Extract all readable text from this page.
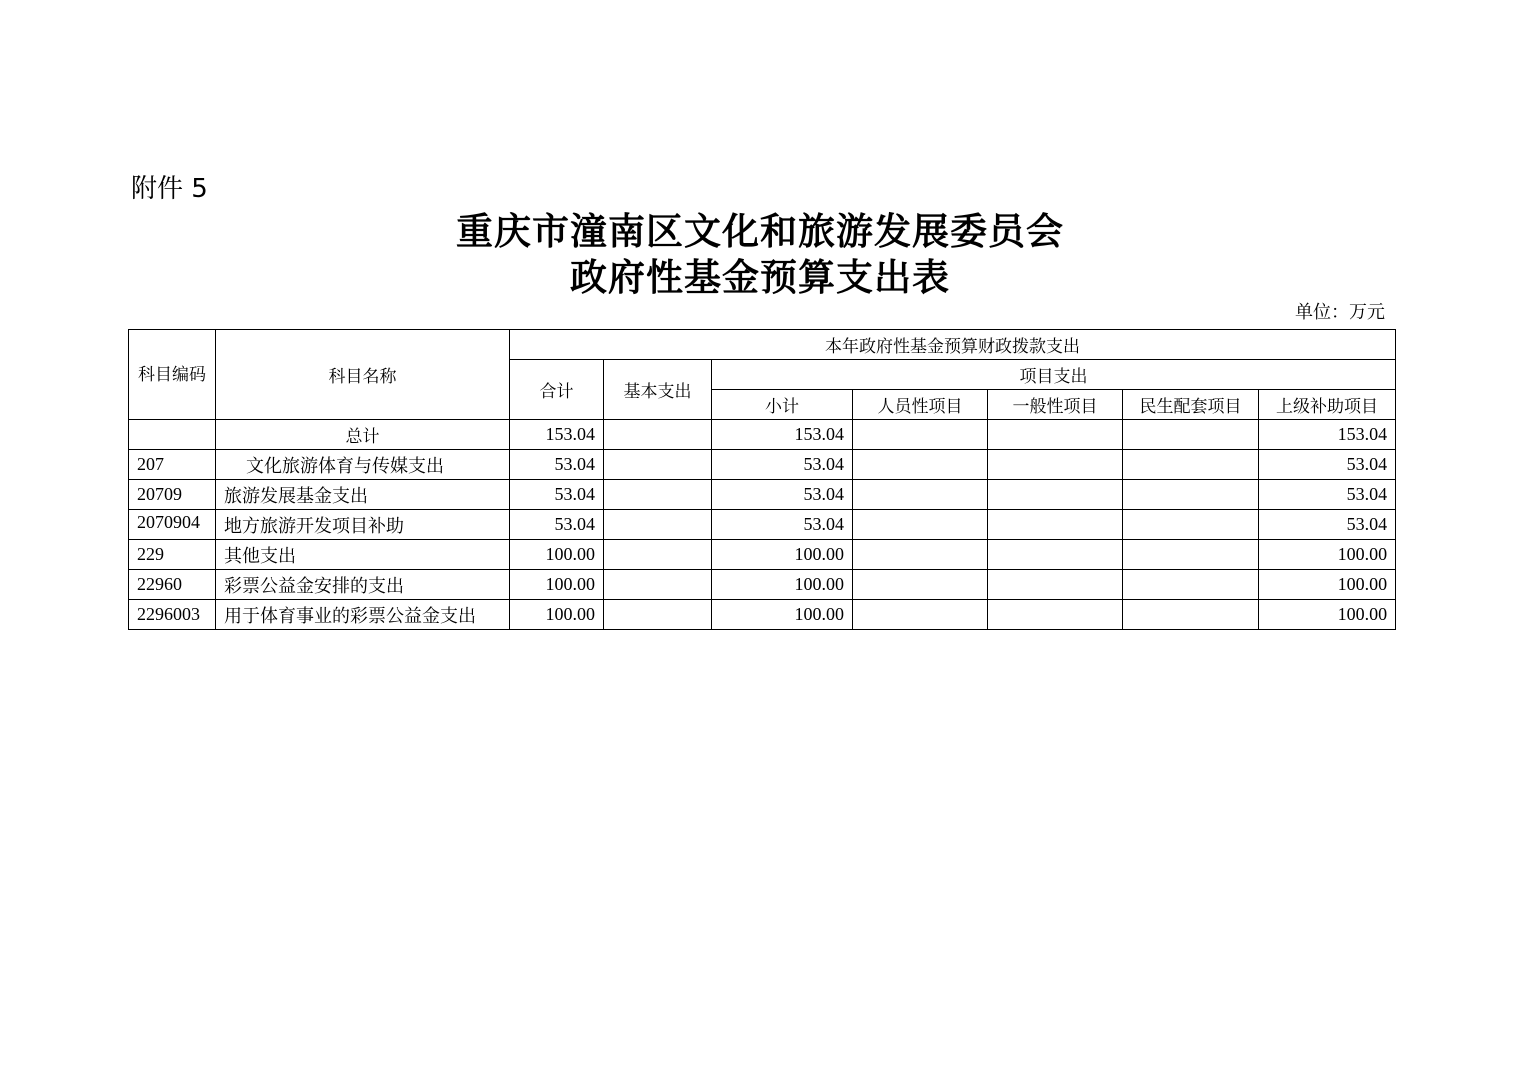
附件 5
重庆市潼南区文化和旅游发展委员会
政府性基金预算支出表
单位：万元
科目编码	科目名称	本年政府性基金预算财政拨款支出						
		合计	基本支出	项目支出				
				小计	人员性项目	一般性项目	民生配套项目	上级补助项目
	总计	153.04		153.04				153.04
207	文化旅游体育与传媒支出	53.04		53.04				53.04
20709	旅游发展基金支出	53.04		53.04				53.04
2070904	地方旅游开发项目补助	53.04		53.04				53.04
229	其他支出	100.00		100.00				100.00
22960	彩票公益金安排的支出	100.00		100.00				100.00
2296003	用于体育事业的彩票公益金支出	100.00		100.00				100.00
